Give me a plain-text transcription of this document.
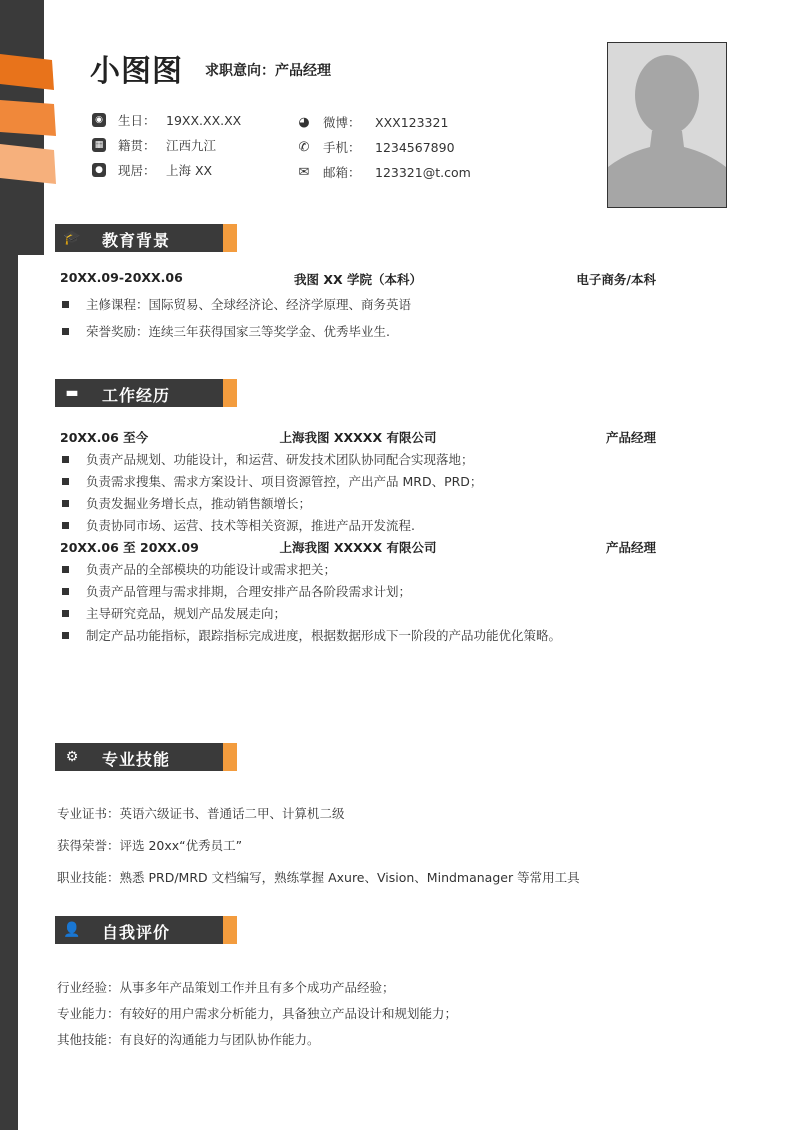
小图图 求职意向：产品经理
◉ 生日： 19XX.XX.XX
▦ 籍贯： 江西九江
● 现居： 上海 XX
◕ 微博：	XXX123321
✆ 手机：	1234567890
✉ 邮箱：	123321@t.com
🎓 教育背景
20XX.09-20XX.06	我图 XX 学院（本科）	电子商务/本科
主修课程：国际贸易、全球经济论、经济学原理、商务英语
荣誉奖励：连续三年获得国家三等奖学金、优秀毕业生.
▬ 工作经历
20XX.06 至今	上海我图 XXXXX 有限公司	产品经理
负责产品规划、功能设计，和运营、研发技术团队协同配合实现落地；
负责需求搜集、需求方案设计、项目资源管控，产出产品 MRD、PRD；
负责发掘业务增长点，推动销售额增长；
负责协同市场、运营、技术等相关资源，推进产品开发流程.
20XX.06 至 20XX.09	上海我图 XXXXX 有限公司	产品经理
负责产品的全部模块的功能设计或需求把关；
负责产品管理与需求排期，合理安排产品各阶段需求计划；
主导研究竞品，规划产品发展走向；
制定产品功能指标，跟踪指标完成进度，根据数据形成下一阶段的产品功能优化策略。
⚙ 专业技能
专业证书：英语六级证书、普通话二甲、计算机二级
获得荣誉：评选 20xx“优秀员工”
职业技能：熟悉 PRD/MRD 文档编写，熟练掌握 Axure、Vision、Mindmanager 等常用工具
👤 自我评价
行业经验：从事多年产品策划工作并且有多个成功产品经验；
专业能力：有较好的用户需求分析能力，具备独立产品设计和规划能力；
其他技能：有良好的沟通能力与团队协作能力。
